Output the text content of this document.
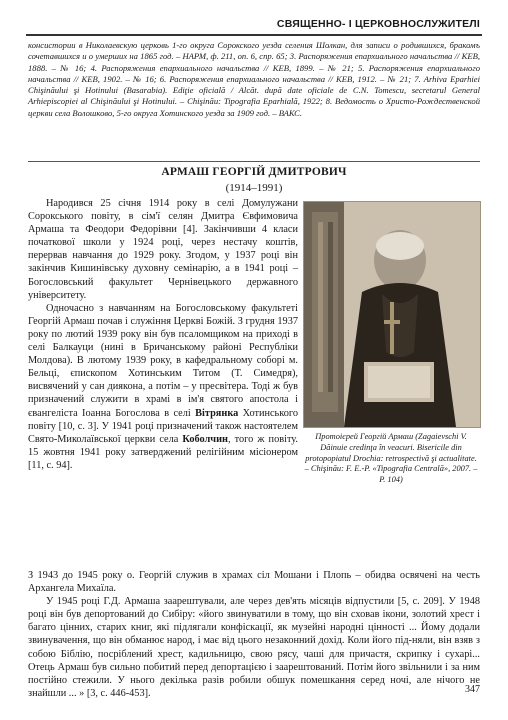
СВЯЩЕННО- І ЦЕРКОВНОСЛУЖИТЕЛІ
консистории в Николаевскую церковь 1-го округа Сорокского уезда селения Шолкан, для записи о родившихся, бракомъ сочетавшихся и о умерших на 1865 год. – НАРМ, ф. 211, оп. 6, спр. 65; 3. Распоряжения епархиального начальства // KEB, 1888. – № 16; 4. Распоряжения епархиального начальства // KEB, 1899. – № 21; 5. Распоряжения епархиального начальства // KEB, 1902. – № 16; 6. Распоряжения епархиального начальства // KEB, 1912. – № 21; 7. Arhiva Eparhiei Chişinăului şi Hotinului (Basarabia). Ediţie oficială / Alcăt. după date oficiale de C.N. Tomescu, secretarul General Arhiepiscopiei al Chişinăului şi Hotinului. – Chişinău: Tipografia Eparhială, 1922; 8. Ведомость о Христо-Рождественской церкви села Волошково, 5-го округа Хотинского уезда за 1909 год. – ВАКС.
АРМАШ ГЕОРГІЙ ДМИТРОВИЧ
(1914–1991)

Народився 25 січня 1914 року в селі Домулужани Сорокського повіту, в сім'ї селян Дмитра Євфимовича Армаша та Феодори Федорівни [4]. Закінчивши 4 класи початкової школи у 1924 році, через нестачу коштів, перервав навчання до 1929 року. Згодом, у 1937 році він закінчив Кишинівську духовну семінарію, а в 1941 році – Богословський факультет Чернівецького державного університету.

Одночасно з навчанням на Богословському факультеті Георгій Армаш почав і служіння Церкві Божій. З грудня 1937 року по лютий 1939 року він був псаломщиком на приході в селі Балкауци (нині в Бричанському районі Республіки Молдова). В лютому 1939 року, в кафедральному соборі м. Бельці, єпископом Хотинським Титом (Т. Симедря), висвячений у сан диякона, а потім – у пресвітера. Тоді ж був призначений служити в храмі в ім'я святого апостола і євангеліста Іоанна Богослова в селі Вітрянка Хотинського повіту [10, с. 3]. У 1941 році призначений також настоятелем Свято-Миколаївської церкви села Коболчин, того ж повіту. 15 жовтня 1941 року затверджений релігійним місіонером [11, с. 94].

Протоієрей Георгій Армаш (Zagaievschi V. Dăinuie credinţa în veacuri. Bisericile din protopopiatul Drochia: retrospectivă şi actualitate. – Chişinău: F. E.-P. «Tipografia Centrală», 2007. – P. 104)

З 1943 до 1945 року о. Георгій служив в храмах сіл Мошани і Плопь – обидва освячені на честь Архангела Михаїла.

У 1945 році Г.Д. Армаша заарештували, але через дев'ять місяців відпустили [5, с. 209]. У 1948 році він був депортований до Сибіру: «його звинуватили в тому, що він сховав ікони, золотий хрест і багато цінних, старих книг, які підлягали конфіскації, як музейні народні цінності ... Йому додали звинувачення, що він обманює народ, і має від цього незаконний дохід. Коли його під-няли, він взяв з собою Біблію, посріблений хрест, кадильницю, свою рясу, чаші для причастя, скрипку і сухарі... Отець Армаш був сильно побитий перед депортацією і заарештований. Потім його звільнили і за ним постійно стежили. У нього декілька разів робили обшук помешкання серед ночі, але нічого не знайшли ... » [3, с. 446-453].	347
